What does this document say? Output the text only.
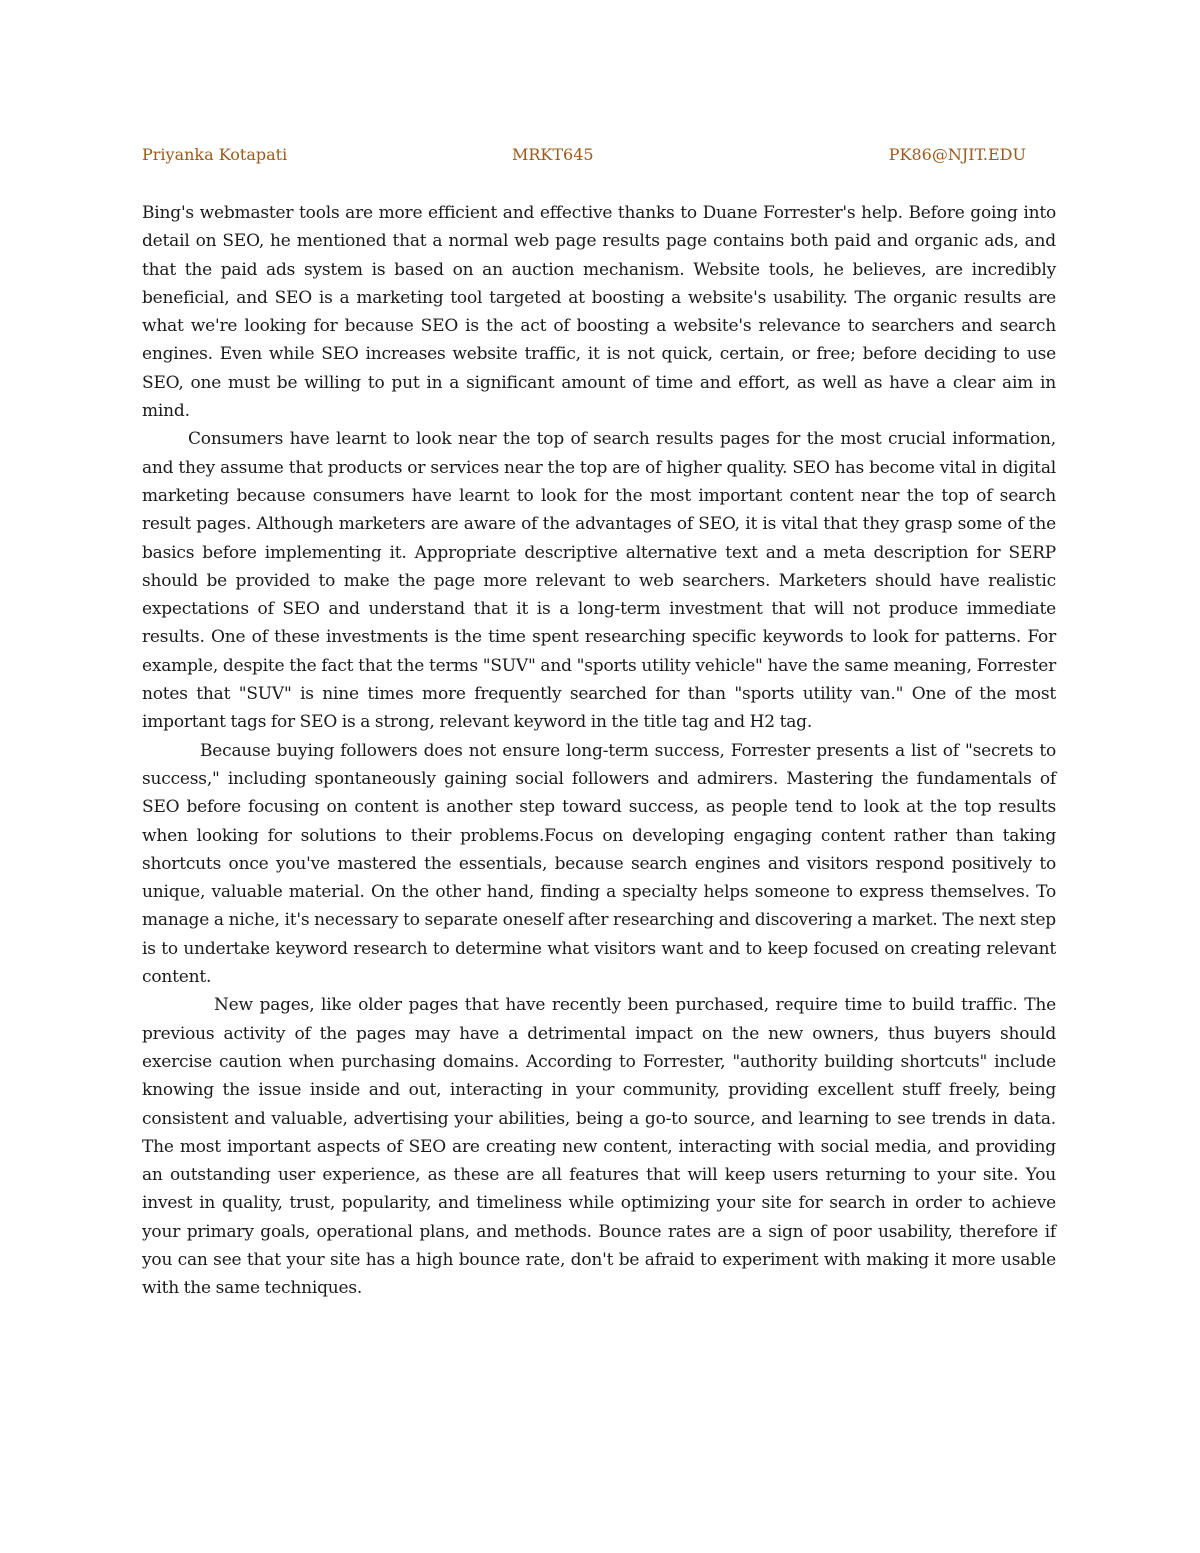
Priyanka Kotapati	MRKT645	PK86@NJIT.EDU

Bing's webmaster tools are more efficient and effective thanks to Duane Forrester's help. Before going into detail on SEO, he mentioned that a normal web page results page contains both paid and organic ads, and that the paid ads system is based on an auction mechanism. Website tools, he believes, are incredibly beneficial, and SEO is a marketing tool targeted at boosting a website's usability. The organic results are what we're looking for because SEO is the act of boosting a website's relevance to searchers and search engines. Even while SEO increases website traffic, it is not quick, certain, or free; before deciding to use SEO, one must be willing to put in a significant amount of time and effort, as well as have a clear aim in mind.

Consumers have learnt to look near the top of search results pages for the most crucial information, and they assume that products or services near the top are of higher quality. SEO has become vital in digital marketing because consumers have learnt to look for the most important content near the top of search result pages. Although marketers are aware of the advantages of SEO, it is vital that they grasp some of the basics before implementing it. Appropriate descriptive alternative text and a meta description for SERP should be provided to make the page more relevant to web searchers. Marketers should have realistic expectations of SEO and understand that it is a long-term investment that will not produce immediate results. One of these investments is the time spent researching specific keywords to look for patterns. For example, despite the fact that the terms "SUV" and "sports utility vehicle" have the same meaning, Forrester notes that "SUV" is nine times more frequently searched for than "sports utility van." One of the most important tags for SEO is a strong, relevant keyword in the title tag and H2 tag.

Because buying followers does not ensure long-term success, Forrester presents a list of "secrets to success," including spontaneously gaining social followers and admirers. Mastering the fundamentals of SEO before focusing on content is another step toward success, as people tend to look at the top results when looking for solutions to their problems.Focus on developing engaging content rather than taking shortcuts once you've mastered the essentials, because search engines and visitors respond positively to unique, valuable material. On the other hand, finding a specialty helps someone to express themselves. To manage a niche, it's necessary to separate oneself after researching and discovering a market. The next step is to undertake keyword research to determine what visitors want and to keep focused on creating relevant content.

New pages, like older pages that have recently been purchased, require time to build traffic. The previous activity of the pages may have a detrimental impact on the new owners, thus buyers should exercise caution when purchasing domains. According to Forrester, "authority building shortcuts" include knowing the issue inside and out, interacting in your community, providing excellent stuff freely, being consistent and valuable, advertising your abilities, being a go-to source, and learning to see trends in data. The most important aspects of SEO are creating new content, interacting with social media, and providing an outstanding user experience, as these are all features that will keep users returning to your site. You invest in quality, trust, popularity, and timeliness while optimizing your site for search in order to achieve your primary goals, operational plans, and methods. Bounce rates are a sign of poor usability, therefore if you can see that your site has a high bounce rate, don't be afraid to experiment with making it more usable with the same techniques.
